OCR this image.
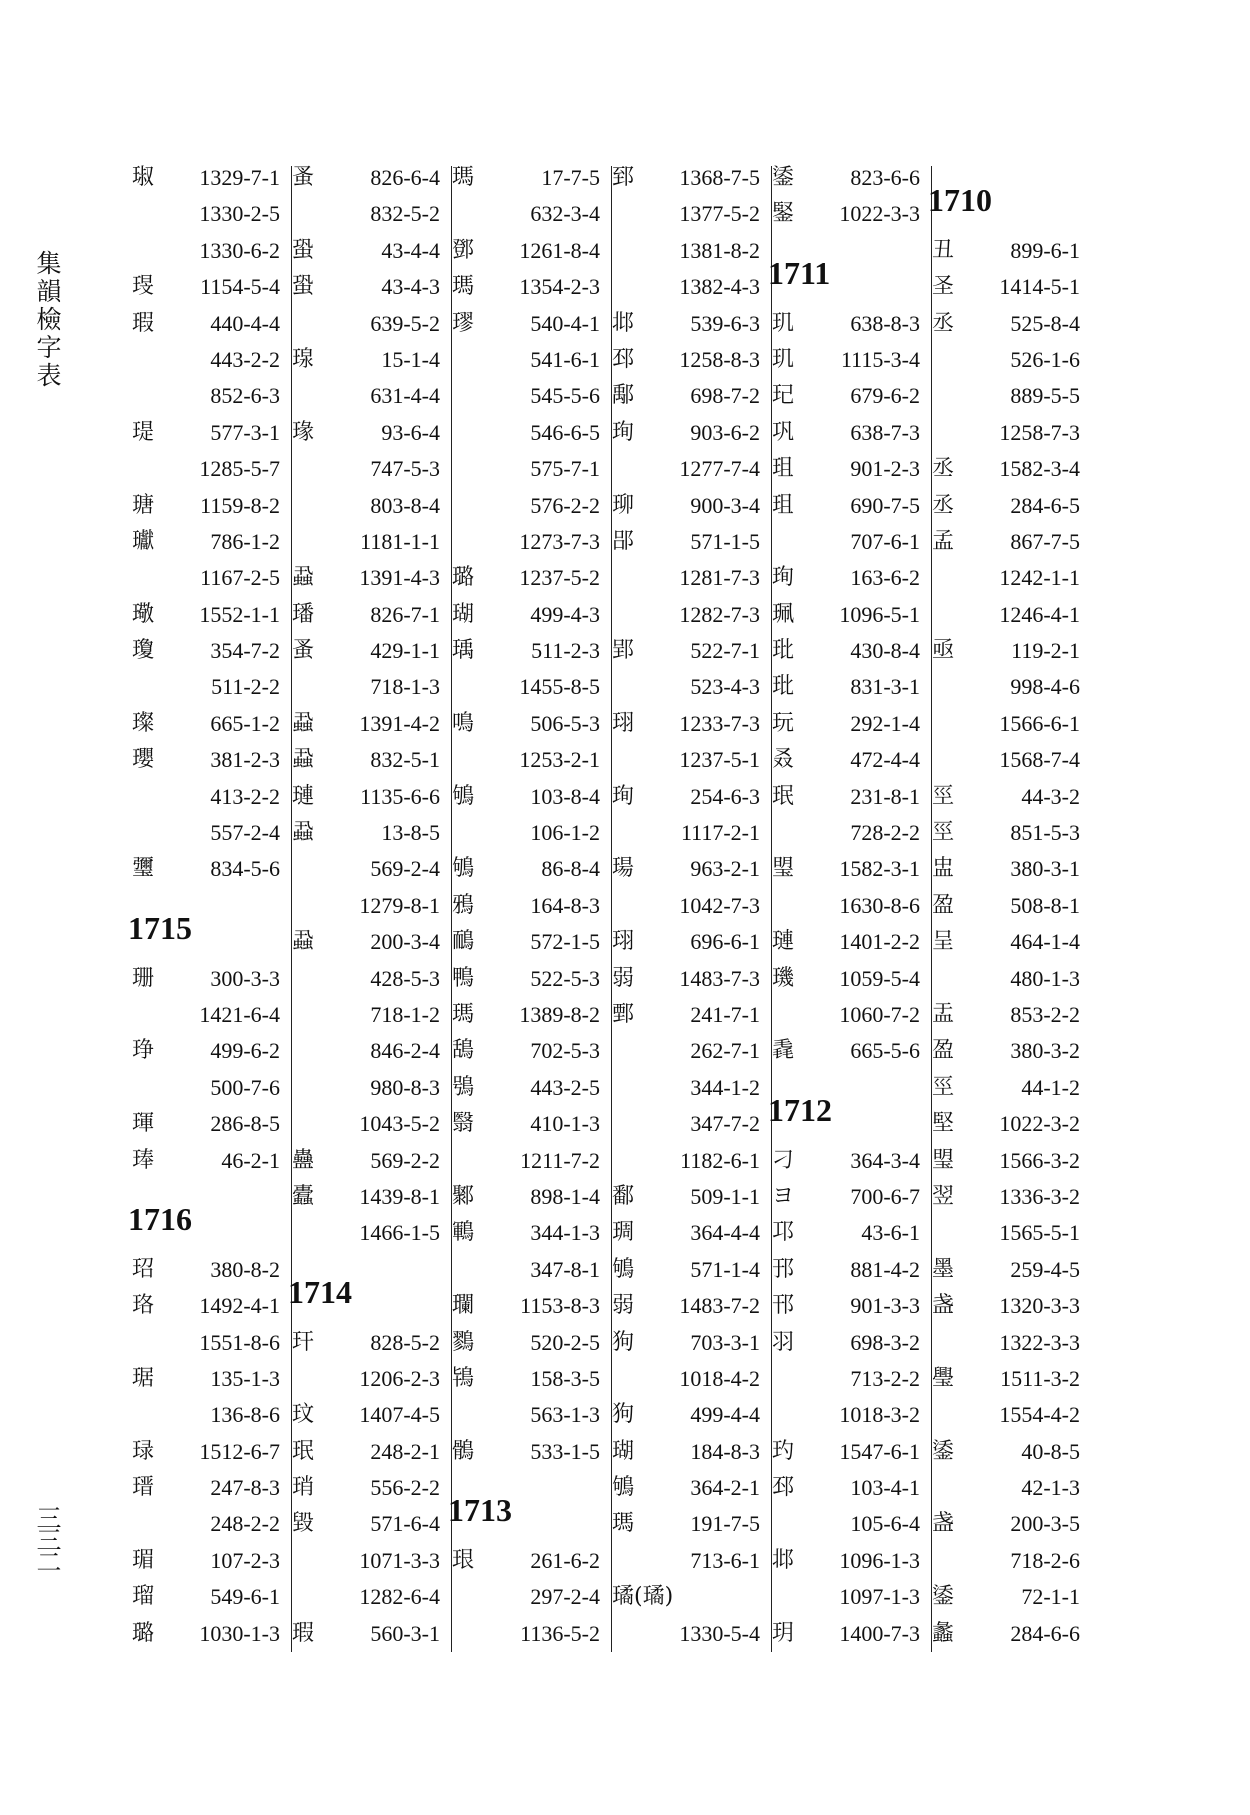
集韻檢字表
三三二
琡 1329-7-1
1330-2-5
1330-6-2
琝 1154-5-4
瑕	440-4-4
443-2-2
852-6-3
瑅	577-3-1
1285-5-7
瑭 1159-8-2
瓛	786-1-2
1167-2-5
璥 1552-1-1
瓊	354-7-2
511-2-2
璨	665-1-2
瓔	381-2-3
413-2-2
557-2-4
瓕	834-5-6
1715
珊	300-3-3
1421-6-4
琤	499-6-2
500-7-6
琿	286-8-5
琫	46-2-1
1716
玿	380-8-2
珞 1492-4-1
1551-8-6
琚	135-1-3
136-8-6
琭 1512-6-7
瑨	247-8-3
248-2-2
瑂	107-2-3
瑠	549-6-1
璐 1030-1-3
蚤	826-6-4
832-5-2
蛩	43-4-4
蛩	43-4-3
639-5-2
瑔	15-1-4
631-4-4
瑑	93-6-4
747-5-3
803-8-4
1181-1-1
蝨 1391-4-3
璠	826-7-1
蚤	429-1-1
718-1-3
蝨 1391-4-2
蝨	832-5-1
璉 1135-6-6
蝨	13-8-5
569-2-4
1279-8-1
蝨	200-3-4
428-5-3
718-1-2
846-2-4
980-8-3
1043-5-2
蠱	569-2-2
蠹 1439-8-1
1466-1-5
1714
玕	828-5-2
1206-2-3
玟 1407-4-5
珉	248-2-1
琑	556-2-2
毀	571-6-4
1071-3-3
1282-6-4
瑕	560-3-1
瑪	17-7-5
632-3-4
鄧 1261-8-4
瑪 1354-2-3
璆	540-4-1
541-6-1
545-5-6
546-6-5
575-7-1
576-2-2
1273-7-3
璐 1237-5-2
瑚	499-4-3
瑀	511-2-3
1455-8-5
鳴	506-5-3
1253-2-1
鴝	103-8-4
106-1-2
鴝	86-8-4
鴉	164-8-3
鴯	572-1-5
鴨	522-5-3
瑪 1389-8-2
鴰	702-5-3
鴞	443-2-5
翳	410-1-3
1211-7-2
鄹	898-1-4
鶤	344-1-3
347-8-1
瓓 1153-8-3
鷚	520-2-5
鴇	158-3-5
563-1-3
鶻	533-1-5
1713
珢	261-6-2
297-2-4
1136-5-2
郅 1368-7-5
1377-5-2
1381-8-2
1382-4-3
邶	539-6-3
邳 1258-8-3
鄅	698-7-2
珣	903-6-2
1277-7-4
珋	900-3-4
郘	571-1-5
1281-7-3
1282-7-3
郢	522-7-1
523-4-3
珝 1233-7-3
1237-5-1
珣	254-6-3
1117-2-1
瑒	963-2-1
1042-7-3
珝	696-6-1
弱 1483-7-3
鄄	241-7-1
262-7-1
344-1-2
347-7-2
1182-6-1
鄱	509-1-1
琱	364-4-4
鴝	571-1-4
弱 1483-7-2
狗	703-3-1
1018-4-2
狗	499-4-4
瑚	184-8-3
鴝	364-2-1
瑪	191-7-5
713-6-1
璚(璚)
1330-5-4
鋈	823-6-6
鋻 1022-3-3
1711
玑	638-8-3
玑 1115-3-4
玘	679-6-2
巩	638-7-3
珇	901-2-3
珇	690-7-5
707-6-1
珣	163-6-2
珮 1096-5-1
玭	430-8-4
玭	831-3-1
玩	292-1-4
叒	472-4-4
珉	231-8-1
728-2-2
琞 1582-3-1
1630-8-6
璉 1401-2-2
璣 1059-5-4
1060-7-2
毳	665-5-6
1712
刁	364-3-4
ヨ	700-6-7
邛	43-6-1
邘	881-4-2
邗	901-3-3
羽	698-3-2
713-2-2
1018-3-2
玓 1547-6-1
邳	103-4-1
105-6-4
邶 1096-1-3
1097-1-3
玥 1400-7-3
1710
丑	899-6-1
圣 1414-5-1
丞	525-8-4
526-1-6
889-5-5
1258-7-3
丞 1582-3-4
丞	284-6-5
孟	867-7-5
1242-1-1
1246-4-1
亟	119-2-1
998-4-6
1566-6-1
1568-7-4
巠	44-3-2
巠	851-5-3
盅	380-3-1
盈	508-8-1
呈	464-1-4
480-1-3
盂	853-2-2
盈	380-3-2
巠	44-1-2
堅 1022-3-2
琞 1566-3-2
翌 1336-3-2
1565-5-1
墨	259-4-5
盏 1320-3-3
1322-3-3
璺 1511-3-2
1554-4-2
鋈	40-8-5
42-1-3
盏	200-3-5
718-2-6
鋈	72-1-1
蠡	284-6-6
